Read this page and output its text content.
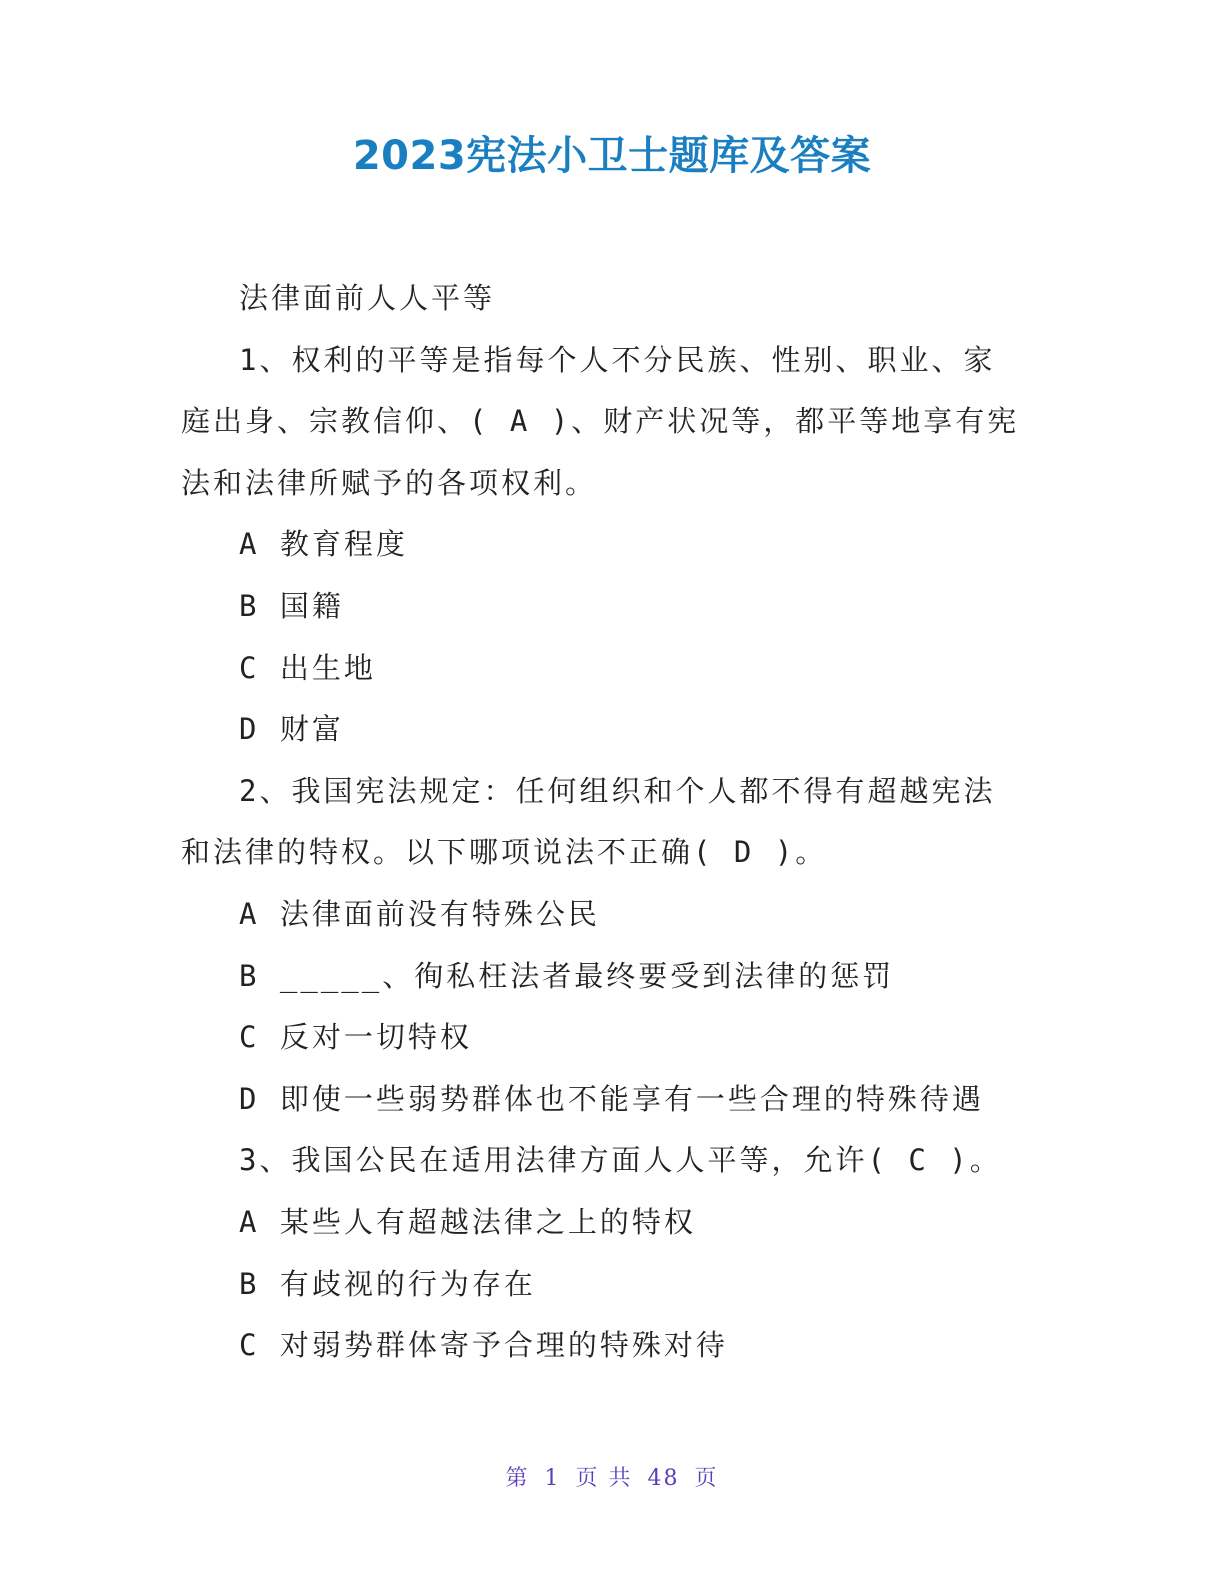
2023宪法小卫士题库及答案

法律面前人人平等

1、权利的平等是指每个人不分民族、性别、职业、家庭出身、宗教信仰、( A )、财产状况等，都平等地享有宪法和法律所赋予的各项权利。

A 教育程度

B 国籍

C 出生地

D 财富

2、我国宪法规定：任何组织和个人都不得有超越宪法和法律的特权。以下哪项说法不正确( D )。

A 法律面前没有特殊公民

B _____、徇私枉法者最终要受到法律的惩罚

C 反对一切特权

D 即使一些弱势群体也不能享有一些合理的特殊待遇

3、我国公民在适用法律方面人人平等，允许( C )。

A 某些人有超越法律之上的特权

B 有歧视的行为存在

C 对弱势群体寄予合理的特殊对待

第 1 页 共 48 页
